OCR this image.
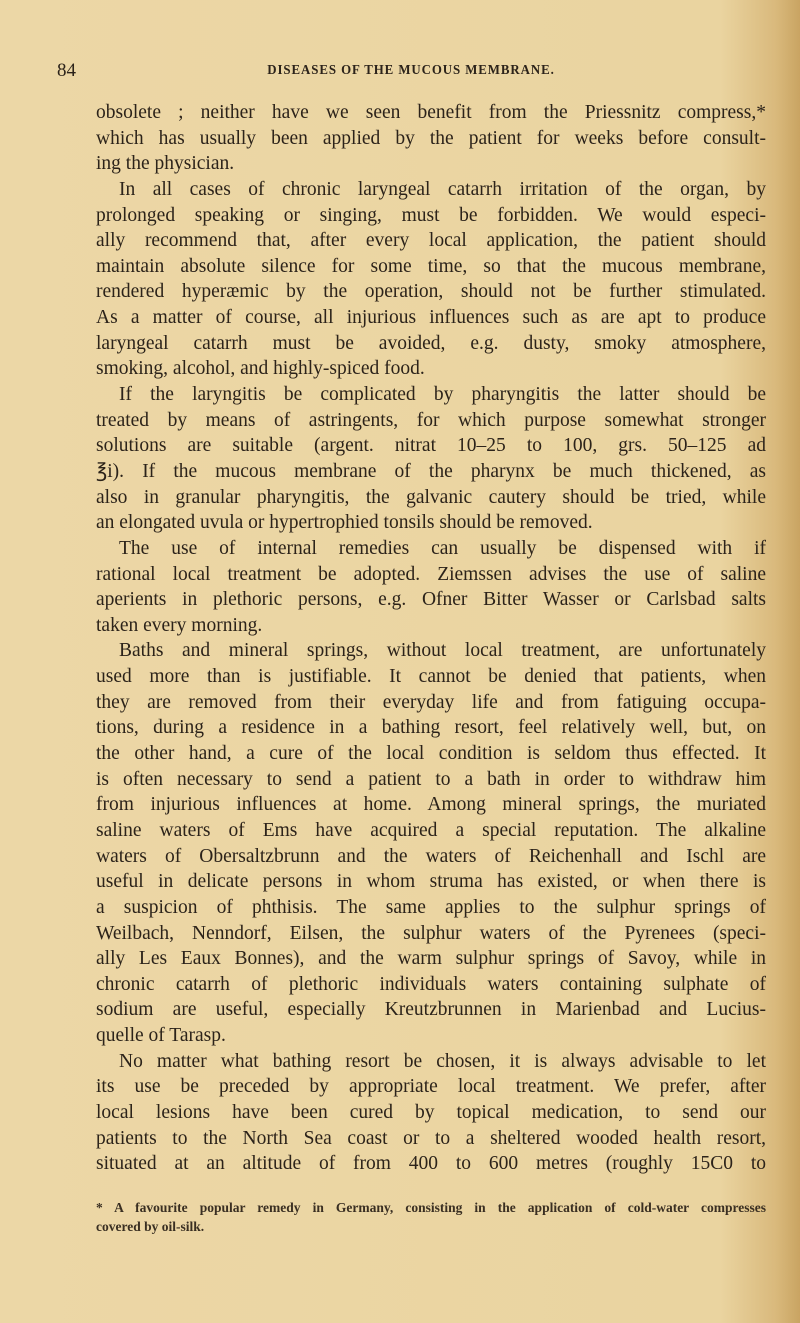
84	DISEASES OF THE MUCOUS MEMBRANE.
obsolete ; neither have we seen benefit from the Priessnitz compress,*
which has usually been applied by the patient for weeks before consult-
ing the physician.
In all cases of chronic laryngeal catarrh irritation of the organ, by
prolonged speaking or singing, must be forbidden. We would especi-
ally recommend that, after every local application, the patient should
maintain absolute silence for some time, so that the mucous membrane,
rendered hyperæmic by the operation, should not be further stimulated.
As a matter of course, all injurious influences such as are apt to produce
laryngeal catarrh must be avoided, e.g. dusty, smoky atmosphere,
smoking, alcohol, and highly-spiced food.
If the laryngitis be complicated by pharyngitis the latter should be
treated by means of astringents, for which purpose somewhat stronger
solutions are suitable (argent. nitrat 10–25 to 100, grs. 50–125 ad
℥i). If the mucous membrane of the pharynx be much thickened, as
also in granular pharyngitis, the galvanic cautery should be tried, while
an elongated uvula or hypertrophied tonsils should be removed.
The use of internal remedies can usually be dispensed with if
rational local treatment be adopted. Ziemssen advises the use of saline
aperients in plethoric persons, e.g. Ofner Bitter Wasser or Carlsbad salts
taken every morning.
Baths and mineral springs, without local treatment, are unfortunately
used more than is justifiable. It cannot be denied that patients, when
they are removed from their everyday life and from fatiguing occupa-
tions, during a residence in a bathing resort, feel relatively well, but, on
the other hand, a cure of the local condition is seldom thus effected. It
is often necessary to send a patient to a bath in order to withdraw him
from injurious influences at home. Among mineral springs, the muriated
saline waters of Ems have acquired a special reputation. The alkaline
waters of Obersaltzbrunn and the waters of Reichenhall and Ischl are
useful in delicate persons in whom struma has existed, or when there is
a suspicion of phthisis. The same applies to the sulphur springs of
Weilbach, Nenndorf, Eilsen, the sulphur waters of the Pyrenees (speci-
ally Les Eaux Bonnes), and the warm sulphur springs of Savoy, while in
chronic catarrh of plethoric individuals waters containing sulphate of
sodium are useful, especially Kreutzbrunnen in Marienbad and Lucius-
quelle of Tarasp.
No matter what bathing resort be chosen, it is always advisable to let
its use be preceded by appropriate local treatment. We prefer, after
local lesions have been cured by topical medication, to send our
patients to the North Sea coast or to a sheltered wooded health resort,
situated at an altitude of from 400 to 600 metres (roughly 15C0 to
* A favourite popular remedy in Germany, consisting in the application of cold-water compresses
covered by oil-silk.
